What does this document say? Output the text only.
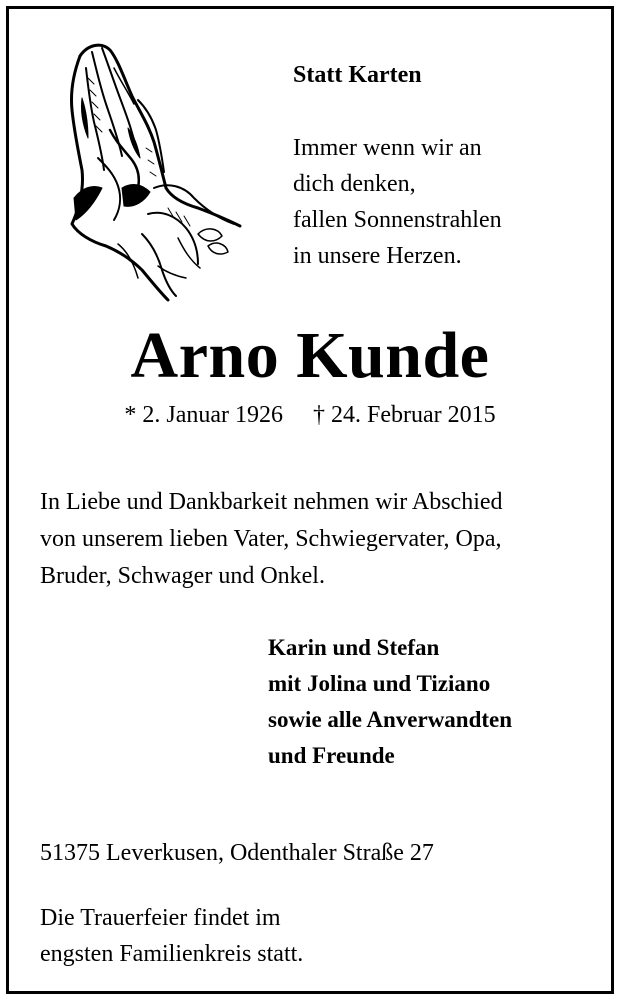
Statt Karten
Immer wenn wir an
dich denken,
fallen Sonnenstrahlen
in unsere Herzen.
Arno Kunde
* 2. Januar 1926 † 24. Februar 2015
In Liebe und Dankbarkeit nehmen wir Abschied
von unserem lieben Vater, Schwiegervater, Opa,
Bruder, Schwager und Onkel.
Karin und Stefan
mit Jolina und Tiziano
sowie alle Anverwandten
und Freunde
51375 Leverkusen, Odenthaler Straße 27
Die Trauerfeier findet im
engsten Familienkreis statt.
